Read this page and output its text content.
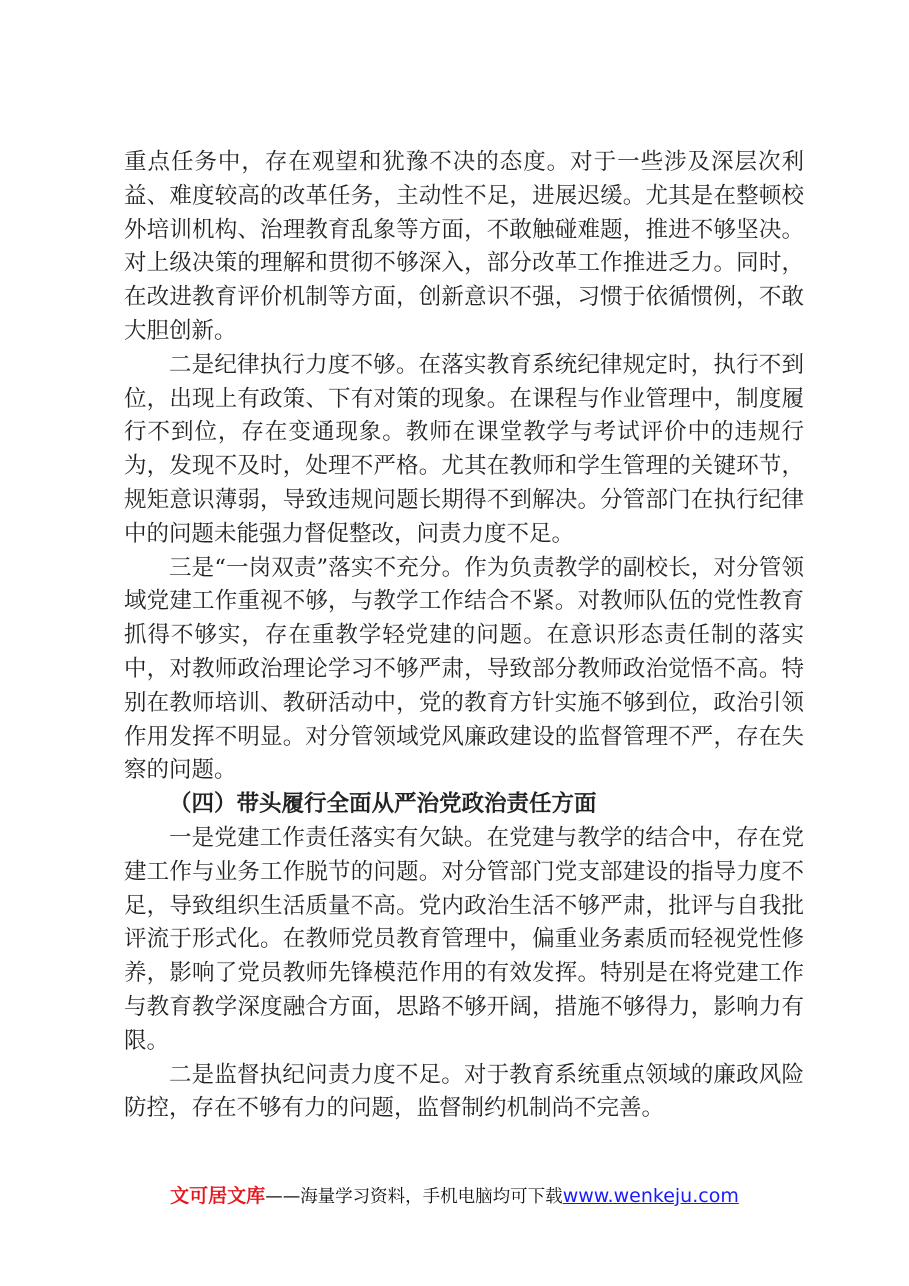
重点任务中，存在观望和犹豫不决的态度。对于一些涉及深层次利益、难度较高的改革任务，主动性不足，进展迟缓。尤其是在整顿校外培训机构、治理教育乱象等方面，不敢触碰难题，推进不够坚决。对上级决策的理解和贯彻不够深入，部分改革工作推进乏力。同时，在改进教育评价机制等方面，创新意识不强，习惯于依循惯例，不敢大胆创新。

二是纪律执行力度不够。在落实教育系统纪律规定时，执行不到位，出现上有政策、下有对策的现象。在课程与作业管理中，制度履行不到位，存在变通现象。教师在课堂教学与考试评价中的违规行为，发现不及时，处理不严格。尤其在教师和学生管理的关键环节，规矩意识薄弱，导致违规问题长期得不到解决。分管部门在执行纪律中的问题未能强力督促整改，问责力度不足。

三是“一岗双责”落实不充分。作为负责教学的副校长，对分管领域党建工作重视不够，与教学工作结合不紧。对教师队伍的党性教育抓得不够实，存在重教学轻党建的问题。在意识形态责任制的落实中，对教师政治理论学习不够严肃，导致部分教师政治觉悟不高。特别在教师培训、教研活动中，党的教育方针实施不够到位，政治引领作用发挥不明显。对分管领域党风廉政建设的监督管理不严，存在失察的问题。

（四）带头履行全面从严治党政治责任方面

一是党建工作责任落实有欠缺。在党建与教学的结合中，存在党建工作与业务工作脱节的问题。对分管部门党支部建设的指导力度不足，导致组织生活质量不高。党内政治生活不够严肃，批评与自我批评流于形式化。在教师党员教育管理中，偏重业务素质而轻视党性修养，影响了党员教师先锋模范作用的有效发挥。特别是在将党建工作与教育教学深度融合方面，思路不够开阔，措施不够得力，影响力有限。

二是监督执纪问责力度不足。对于教育系统重点领域的廉政风险防控，存在不够有力的问题，监督制约机制尚不完善。

文可居文库——海量学习资料，手机电脑均可下载www.wenkeju.com
